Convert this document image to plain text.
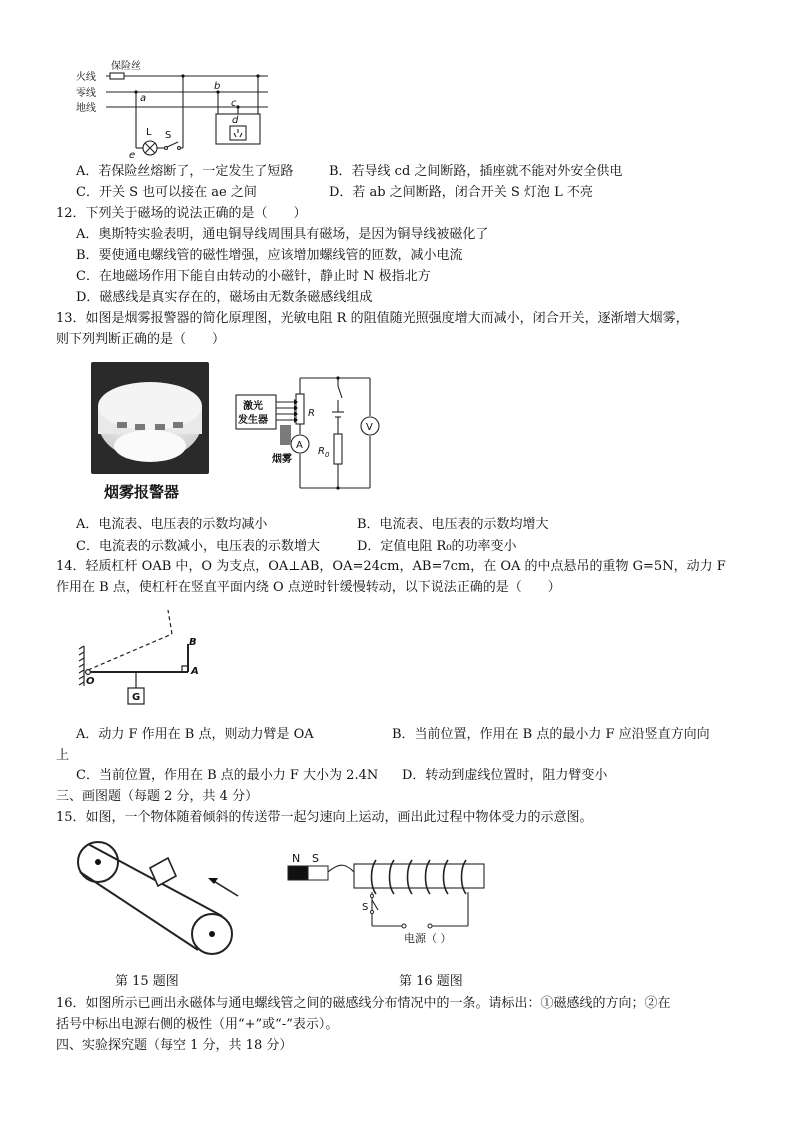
保险丝
火线
零线
地线
a
b
c
d
e
L S
A．若保险丝熔断了，一定发生了短路	B．若导线 cd 之间断路，插座就不能对外安全供电
C．开关 S 也可以接在 ae 之间	D．若 ab 之间断路，闭合开关 S 灯泡 L 不亮
12．下列关于磁场的说法正确的是（　　）
A．奥斯特实验表明，通电铜导线周围具有磁场，是因为铜导线被磁化了
B．要使通电螺线管的磁性增强，应该增加螺线管的匝数，减小电流
C．在地磁场作用下能自由转动的小磁针，静止时 N 极指北方
D．磁感线是真实存在的，磁场由无数条磁感线组成
13．如图是烟雾报警器的简化原理图，光敏电阻 R 的阻值随光照强度增大而减小，闭合开关，逐渐增大烟雾，
则下列判断正确的是（　　）
烟雾报警器
激光
发生器
烟雾
R
$R_0$
A
V
A．电流表、电压表的示数均减小	B．电流表、电压表的示数均增大
C．电流表的示数减小，电压表的示数增大	D．定值电阻 R₀的功率变小
14．轻质杠杆 OAB 中，O 为支点，OA⊥AB，OA=24cm，AB=7cm，在 OA 的中点悬吊的重物 G=5N，动力 F
作用在 B 点，使杠杆在竖直平面内绕 O 点逆时针缓慢转动，以下说法正确的是（　　）
O
A
B
G
A．动力 F 作用在 B 点，则动力臂是 OA	B．当前位置，作用在 B 点的最小力 F 应沿竖直方向向
上
C．当前位置，作用在 B 点的最小力 F 大小为 2.4N D．转动到虚线位置时，阻力臂变小
三、画图题（每题 2 分，共 4 分）
15．如图，一个物体随着倾斜的传送带一起匀速向上运动，画出此过程中物体受力的示意图。
第 15 题图
N S
S
电源（ ）
第 16 题图
16．如图所示已画出永磁体与通电螺线管之间的磁感线分布情况中的一条。请标出：①磁感线的方向；②在
括号中标出电源右侧的极性（用“+”或“-”表示）。
四、实验探究题（每空 1 分，共 18 分）
